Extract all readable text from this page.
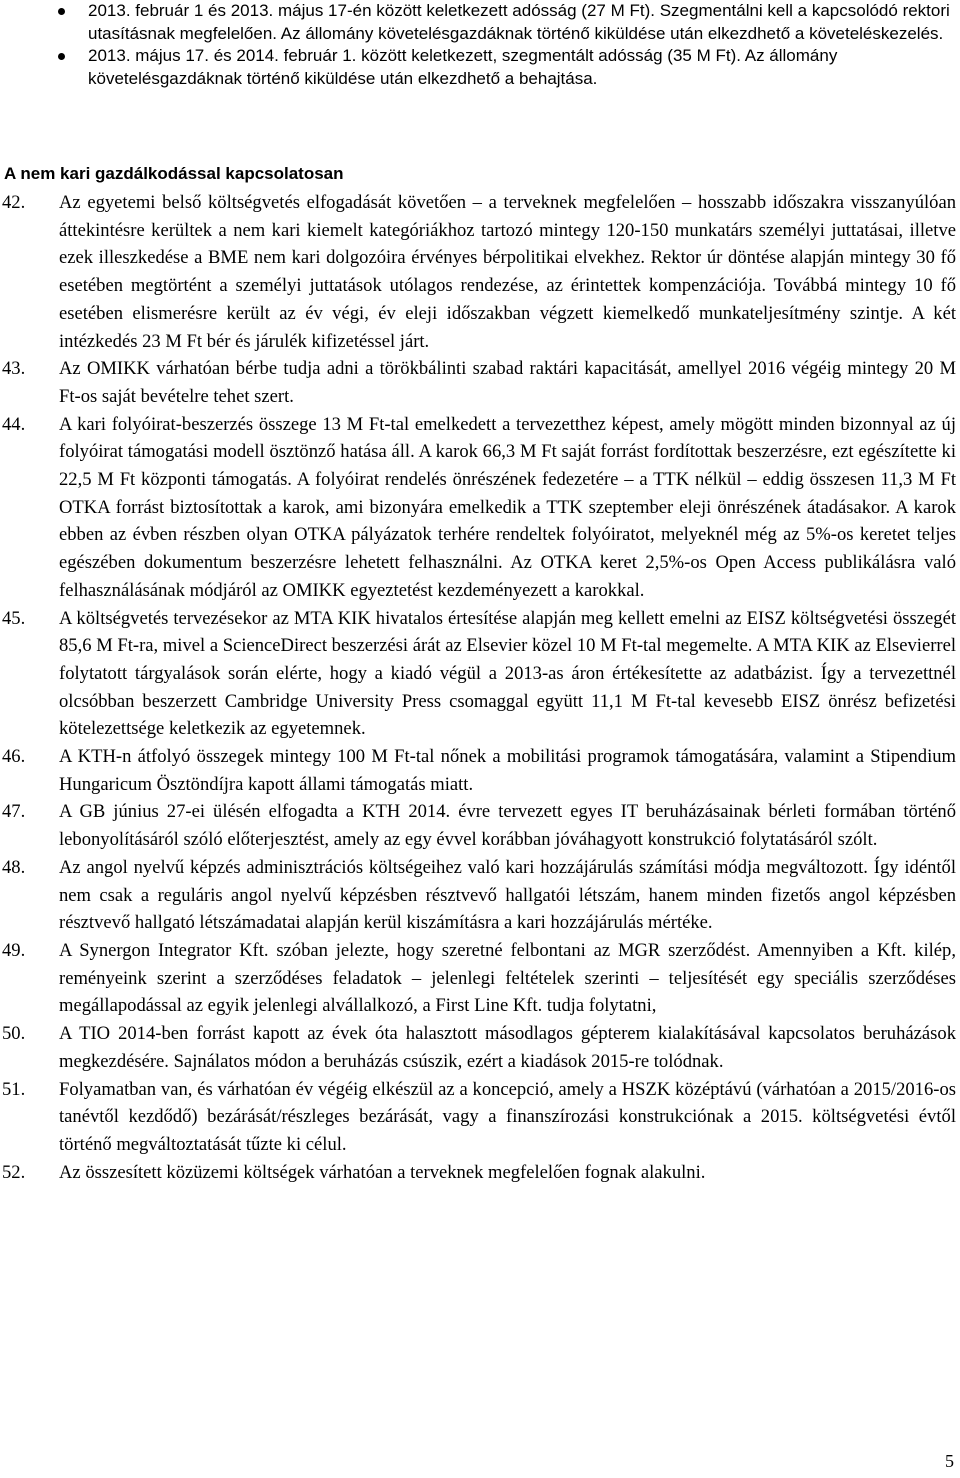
2013. február 1 és 2013. május 17-én között keletkezett adósság (27 M Ft). Szegmentálni kell a kapcsolódó rektori utasításnak megfelelően. Az állomány követelésgazdáknak történő kiküldése után elkezdhető a követeléskezelés.
2013. május 17. és 2014. február 1. között keletkezett, szegmentált adósság (35 M Ft). Az állomány követelésgazdáknak történő kiküldése után elkezdhető a behajtása.
A nem kari gazdálkodással kapcsolatosan
42. Az egyetemi belső költségvetés elfogadását követően – a terveknek megfelelően – hosszabb időszakra visszanyúlóan áttekintésre kerültek a nem kari kiemelt kategóriákhoz tartozó mintegy 120-150 munkatárs személyi juttatásai, illetve ezek illeszkedése a BME nem kari dolgozóira érvényes bérpolitikai elvekhez. Rektor úr döntése alapján mintegy 30 fő esetében megtörtént a személyi juttatások utólagos rendezése, az érintettek kompenzációja. Továbbá mintegy 10 fő esetében elismerésre került az év végi, év eleji időszakban végzett kiemelkedő munkateljesítmény szintje. A két intézkedés 23 M Ft bér és járulék kifizetéssel járt.
43. Az OMIKK várhatóan bérbe tudja adni a törökbálinti szabad raktári kapacitását, amellyel 2016 végéig mintegy 20 M Ft-os saját bevételre tehet szert.
44. A kari folyóirat-beszerzés összege 13 M Ft-tal emelkedett a tervezetthez képest, amely mögött minden bizonnyal az új folyóirat támogatási modell ösztönző hatása áll. A karok 66,3 M Ft saját forrást fordítottak beszerzésre, ezt egészítette ki 22,5 M Ft központi támogatás. A folyóirat rendelés önrészének fedezetére – a TTK nélkül – eddig összesen 11,3 M Ft OTKA forrást biztosítottak a karok, ami bizonyára emelkedik a TTK szeptember eleji önrészének átadásakor. A karok ebben az évben részben olyan OTKA pályázatok terhére rendeltek folyóiratot, melyeknél még az 5%-os keretet teljes egészében dokumentum beszerzésre lehetett felhasználni. Az OTKA keret 2,5%-os Open Access publikálásra való felhasználásának módjáról az OMIKK egyeztetést kezdeményezett a karokkal.
45. A költségvetés tervezésekor az MTA KIK hivatalos értesítése alapján meg kellett emelni az EISZ költségvetési összegét 85,6 M Ft-ra, mivel a ScienceDirect beszerzési árát az Elsevier közel 10 M Ft-tal megemelte. A MTA KIK az Elsevierrel folytatott tárgyalások során elérte, hogy a kiadó végül a 2013-as áron értékesítette az adatbázist. Így a tervezettnél olcsóbban beszerzett Cambridge University Press csomaggal együtt 11,1 M Ft-tal kevesebb EISZ önrész befizetési kötelezettsége keletkezik az egyetemnek.
46. A KTH-n átfolyó összegek mintegy 100 M Ft-tal nőnek a mobilitási programok támogatására, valamint a Stipendium Hungaricum Ösztöndíjra kapott állami támogatás miatt.
47. A GB június 27-ei ülésén elfogadta a KTH 2014. évre tervezett egyes IT beruházásainak bérleti formában történő lebonyolításáról szóló előterjesztést, amely az egy évvel korábban jóváhagyott konstrukció folytatásáról szólt.
48. Az angol nyelvű képzés adminisztrációs költségeihez való kari hozzájárulás számítási módja megváltozott. Így idéntől nem csak a reguláris angol nyelvű képzésben résztvevő hallgatói létszám, hanem minden fizetős angol képzésben résztvevő hallgató létszámadatai alapján kerül kiszámításra a kari hozzájárulás mértéke.
49. A Synergon Integrator Kft. szóban jelezte, hogy szeretné felbontani az MGR szerződést. Amennyiben a Kft. kilép, reményeink szerint a szerződéses feladatok – jelenlegi feltételek szerinti – teljesítését egy speciális szerződéses megállapodással az egyik jelenlegi alvállalkozó, a First Line Kft. tudja folytatni,
50. A TIO 2014-ben forrást kapott az évek óta halasztott másodlagos gépterem kialakításával kapcsolatos beruházások megkezdésére. Sajnálatos módon a beruházás csúszik, ezért a kiadások 2015-re tolódnak.
51. Folyamatban van, és várhatóan év végéig elkészül az a koncepció, amely a HSZK középtávú (várhatóan a 2015/2016-os tanévtől kezdődő) bezárását/részleges bezárását, vagy a finanszírozási konstrukciónak a 2015. költségvetési évtől történő megváltoztatását tűzte ki célul.
52. Az összesített közüzemi költségek várhatóan a terveknek megfelelően fognak alakulni.
5
